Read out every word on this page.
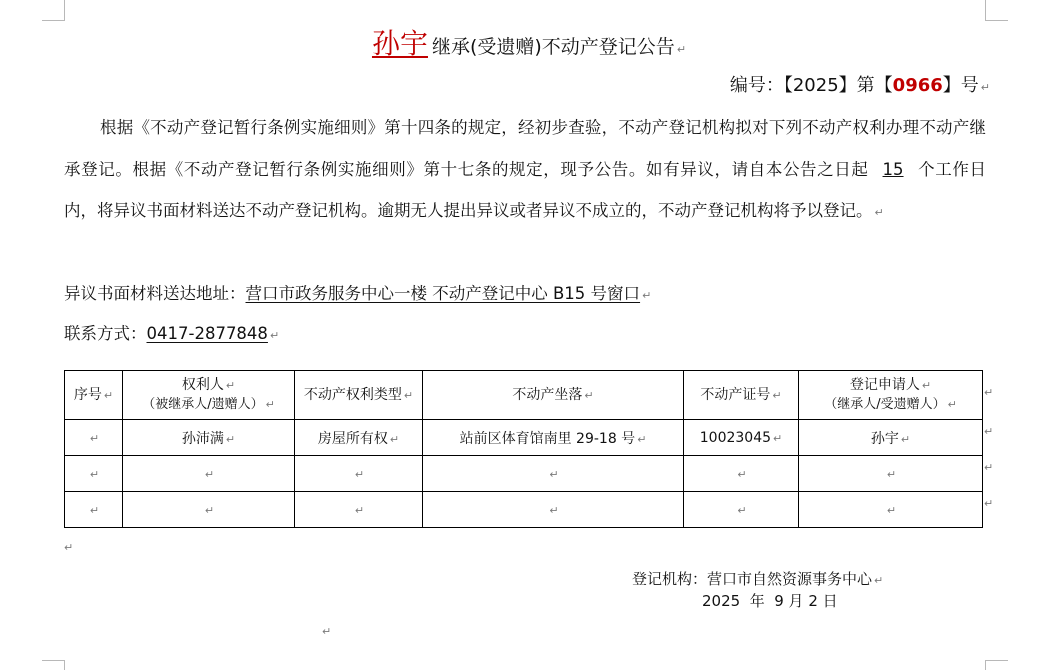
孙宇 继承(受遗赠)不动产登记公告 ↵
编号：【2025】第【0966】号 ↵
根据《不动产登记暂行条例实施细则》第十四条的规定，经初步查验，不动产登记机构拟对下列不动产权利办理不动产继承登记。根据《不动产登记暂行条例实施细则》第十七条的规定，现予公告。如有异议，请自本公告之日起 15 个工作日内，将异议书面材料送达不动产登记机构。逾期无人提出异议或者异议不成立的，不动产登记机构将予以登记。 ↵
异议书面材料送达地址：营口市政务服务中心一楼 不动产登记中心 B15 号窗口 ↵
联系方式：0417-2877848 ↵
序号 ↵	权利人 ↵
（被继承人/遗赠人） ↵	不动产权利类型 ↵	不动产坐落 ↵	不动产证号 ↵	登记申请人 ↵
（继承人/受遗赠人） ↵
↵	孙沛满 ↵	房屋所有权 ↵	站前区体育馆南里 29-18 号 ↵	10023045 ↵	孙宇 ↵
↵	↵	↵	↵	↵	↵
↵	↵	↵	↵	↵	↵
↵
↵
↵
↵
↵
↵
登记机构：营口市自然资源事务中心 ↵
2025  年  9 月 2 日
